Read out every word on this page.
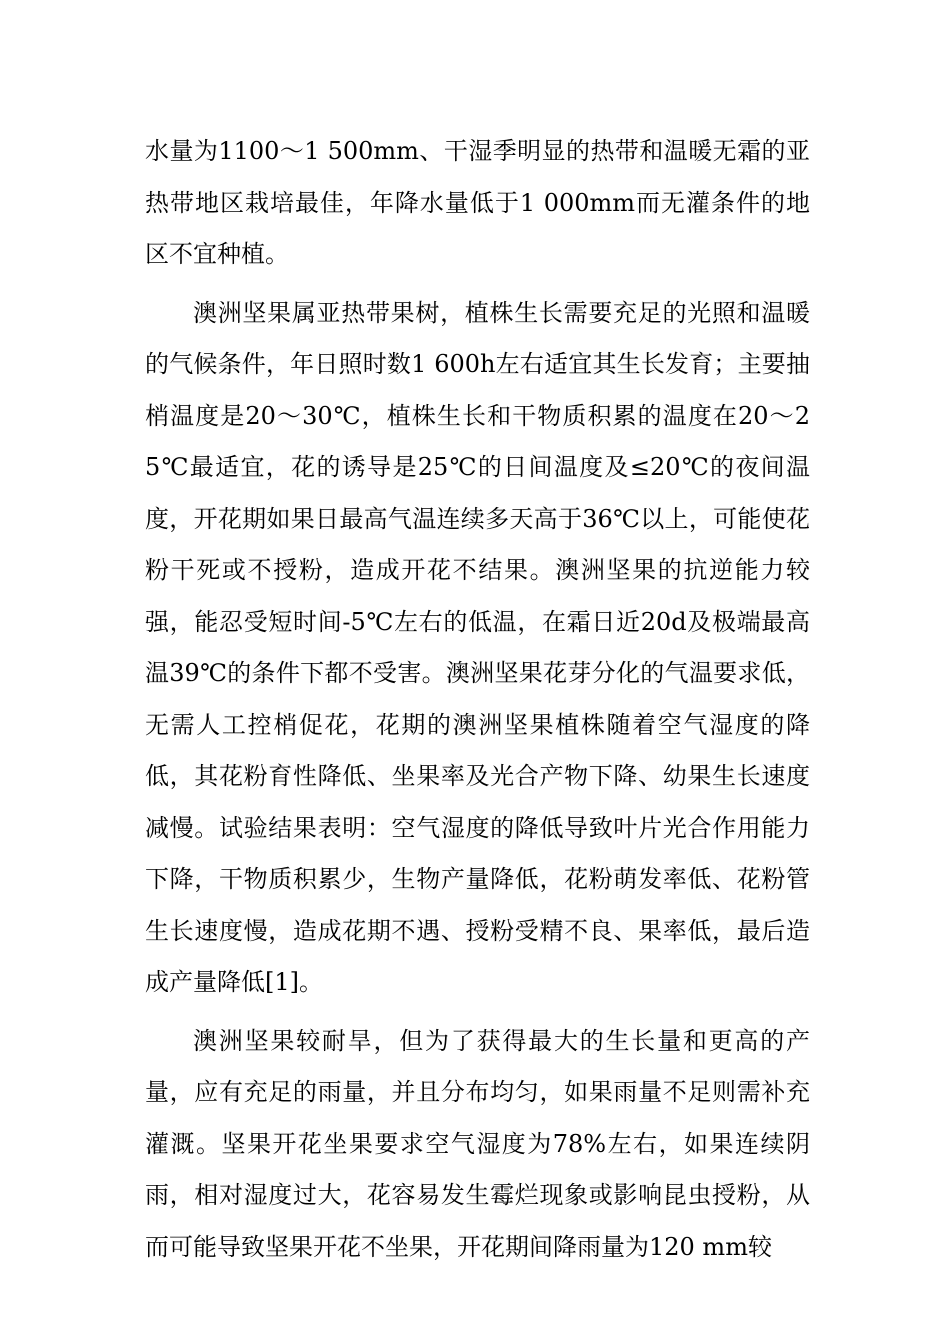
水量为1100～1 500mm、干湿季明显的热带和温暖无霜的亚热带地区栽培最佳，年降水量低于1 000mm而无灌条件的地区不宜种植。

澳洲坚果属亚热带果树，植株生长需要充足的光照和温暖的气候条件，年日照时数1 600h左右适宜其生长发育；主要抽梢温度是20～30℃，植株生长和干物质积累的温度在20～25℃最适宜，花的诱导是25℃的日间温度及≤20℃的夜间温度，开花期如果日最高气温连续多天高于36℃以上，可能使花粉干死或不授粉，造成开花不结果。澳洲坚果的抗逆能力较强，能忍受短时间-5℃左右的低温，在霜日近20d及极端最高温39℃的条件下都不受害。澳洲坚果花芽分化的气温要求低，无需人工控梢促花，花期的澳洲坚果植株随着空气湿度的降低，其花粉育性降低、坐果率及光合产物下降、幼果生长速度减慢。试验结果表明：空气湿度的降低导致叶片光合作用能力下降，干物质积累少，生物产量降低，花粉萌发率低、花粉管生长速度慢，造成花期不遇、授粉受精不良、果率低，最后造成产量降低[1]。

澳洲坚果较耐旱，但为了获得最大的生长量和更高的产量，应有充足的雨量，并且分布均匀，如果雨量不足则需补充灌溉。坚果开花坐果要求空气湿度为78%左右，如果连续阴雨，相对湿度过大，花容易发生霉烂现象或影响昆虫授粉，从而可能导致坚果开花不坐果，开花期间降雨量为120 mm较
